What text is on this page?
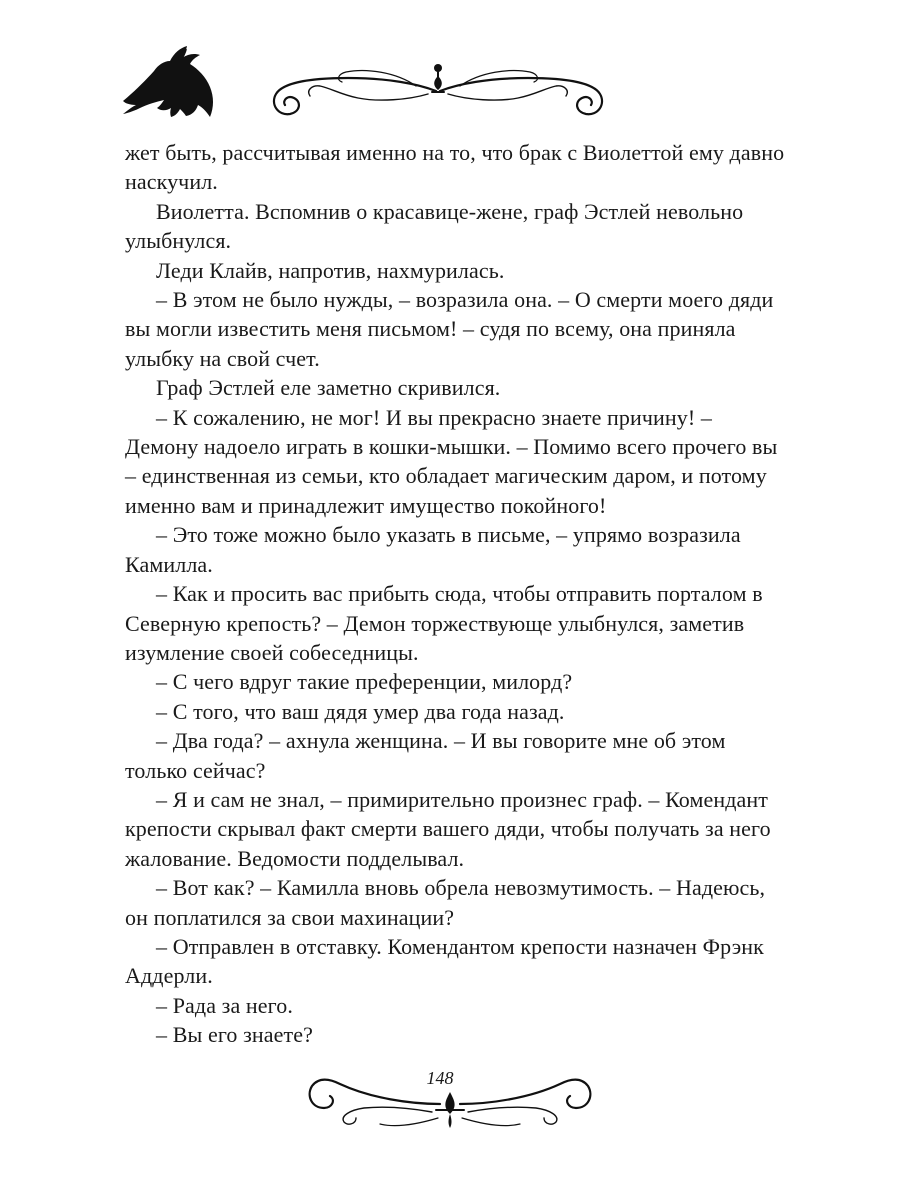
жет быть, рассчитывая именно на то, что брак с Виолеттой ему давно наскучил.

Виолетта. Вспомнив о красавице-жене, граф Эстлей невольно улыбнулся.

Леди Клайв, напротив, нахмурилась.

– В этом не было нужды, – возразила она. – О смерти моего дяди вы могли известить меня письмом! – судя по всему, она приняла улыбку на свой счет.

Граф Эстлей еле заметно скривился.

– К сожалению, не мог! И вы прекрасно знаете причину! – Демону надоело играть в кошки-мышки. – Помимо всего прочего вы – единственная из семьи, кто обладает магическим даром, и потому именно вам и принадлежит имущество покойного!

– Это тоже можно было указать в письме, – упрямо возразила Камилла.

– Как и просить вас прибыть сюда, чтобы отправить порталом в Северную крепость? – Демон торжествующе улыбнулся, заметив изумление своей собеседницы.

– С чего вдруг такие преференции, милорд?

– С того, что ваш дядя умер два года назад.

– Два года? – ахнула женщина. – И вы говорите мне об этом только сейчас?

– Я и сам не знал, – примирительно произнес граф. – Комендант крепости скрывал факт смерти вашего дяди, чтобы получать за него жалование. Ведомости подделывал.

– Вот как? – Камилла вновь обрела невозмутимость. – Надеюсь, он поплатился за свои махинации?

– Отправлен в отставку. Комендантом крепости назначен Фрэнк Аддерли.

– Рада за него.

– Вы его знаете?

148
